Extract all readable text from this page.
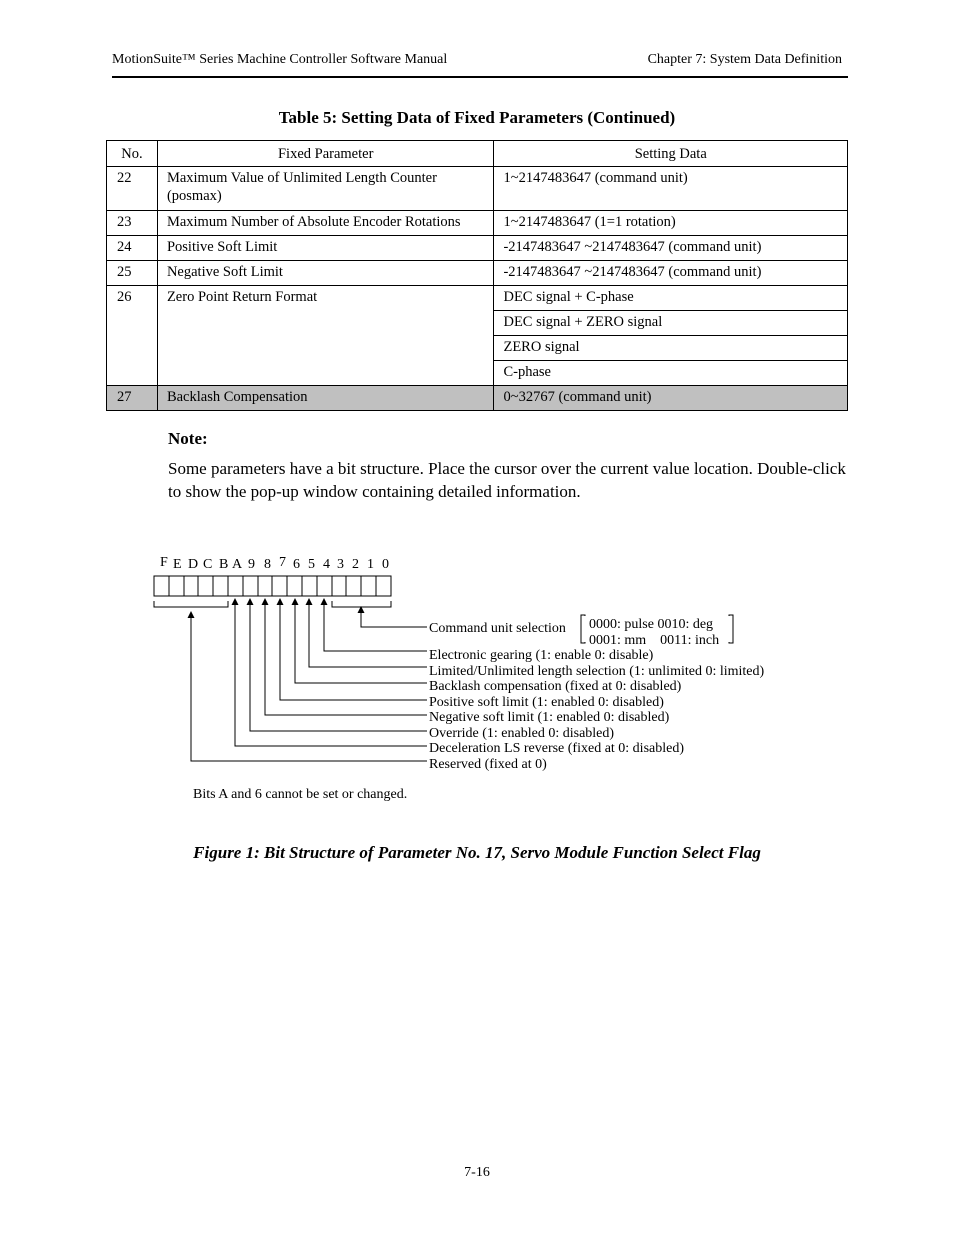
MotionSuite™ Series Machine Controller Software Manual	Chapter 7: System Data Definition
Table 5: Setting Data of Fixed Parameters (Continued)
No.	Fixed Parameter	Setting Data
22	Maximum Value of Unlimited Length Counter (posmax)	1~2147483647 (command unit)
23	Maximum Number of Absolute Encoder Rotations	1~2147483647 (1=1 rotation)
24	Positive Soft Limit	-2147483647 ~2147483647 (command unit)
25	Negative Soft Limit	-2147483647 ~2147483647 (command unit)
26	Zero Point Return Format	DEC signal + C-phase
		DEC signal + ZERO signal
		ZERO signal
		C-phase
27	Backlash Compensation	0~32767 (command unit)
Note:
Some parameters have a bit structure. Place the cursor over the current value location. Double-click to show the pop-up window containing detailed information.
F E D C B A 9 8 7 6 5 4 3 2 1 0
Command unit selection
Electronic gearing (1: enable 0: disable)
Limited/Unlimited length selection (1: unlimited 0: limited)
Backlash compensation (fixed at 0: disabled)
Positive soft limit (1: enabled 0: disabled)
Negative soft limit (1: enabled 0: disabled)
Override (1: enabled 0: disabled)
Deceleration LS reverse (fixed at 0: disabled)
Reserved (fixed at 0)
0000: pulse 0010: deg
0001: mm    0011: inch
Bits A and 6 cannot be set or changed.
Figure 1: Bit Structure of Parameter No. 17, Servo Module Function Select Flag
7-16
